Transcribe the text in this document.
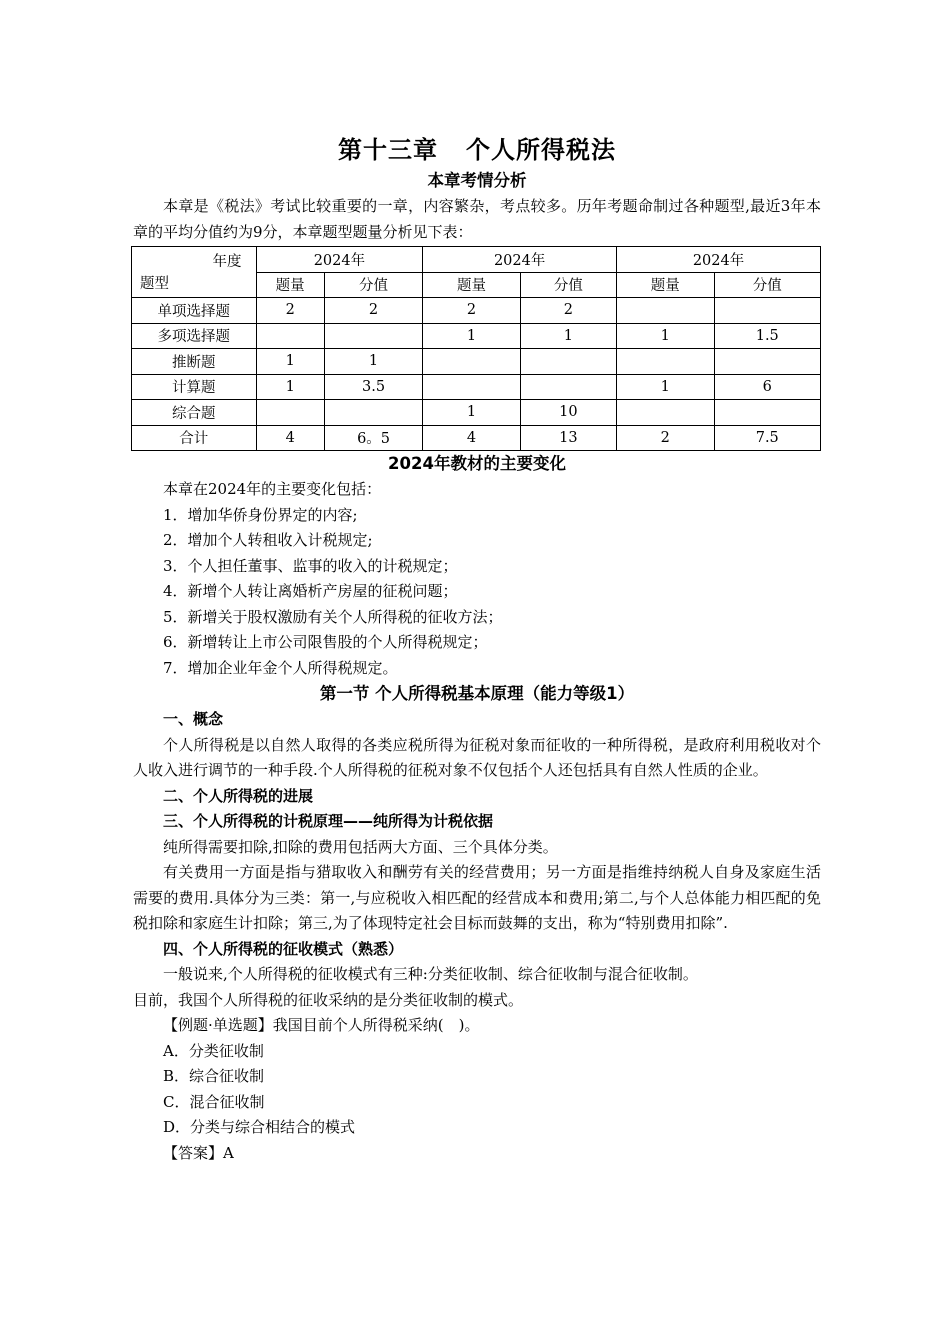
第十三章 个人所得税法
本章考情分析

本章是《税法》考试比较重要的一章，内容繁杂，考点较多。历年考题命制过各种题型,最近3年本章的平均分值约为9分，本章题型题量分析见下表：

年度
题型	2024年		2024年		2024年	
	题量	分值	题量	分值	题量	分值
单项选择题	2	2	2	2		
多项选择题			1	1	1	1.5
推断题	1	1				
计算题	1	3.5			1	6
综合题			1	10		
合计	4	6。5	4	13	2	7.5
2024年教材的主要变化

本章在2024年的主要变化包括：

1．增加华侨身份界定的内容;

2．增加个人转租收入计税规定;

3．个人担任董事、监事的收入的计税规定；

4．新增个人转让离婚析产房屋的征税问题；

5．新增关于股权激励有关个人所得税的征收方法；

6．新增转让上市公司限售股的个人所得税规定；

7．增加企业年金个人所得税规定。

第一节 个人所得税基本原理（能力等级1）

一、概念

个人所得税是以自然人取得的各类应税所得为征税对象而征收的一种所得税，是政府利用税收对个人收入进行调节的一种手段.个人所得税的征税对象不仅包括个人还包括具有自然人性质的企业。

二、个人所得税的进展

三、个人所得税的计税原理——纯所得为计税依据

纯所得需要扣除,扣除的费用包括两大方面、三个具体分类。

有关费用一方面是指与猎取收入和酬劳有关的经营费用；另一方面是指维持纳税人自身及家庭生活需要的费用.具体分为三类：第一,与应税收入相匹配的经营成本和费用;第二,与个人总体能力相匹配的免税扣除和家庭生计扣除；第三,为了体现特定社会目标而鼓舞的支出，称为“特别费用扣除”.

四、个人所得税的征收模式（熟悉）

一般说来,个人所得税的征收模式有三种:分类征收制、综合征收制与混合征收制。

目前，我国个人所得税的征收采纳的是分类征收制的模式。

【例题·单选题】我国目前个人所得税采纳(　)。

A．分类征收制

B．综合征收制

C．混合征收制

D．分类与综合相结合的模式

【答案】A
